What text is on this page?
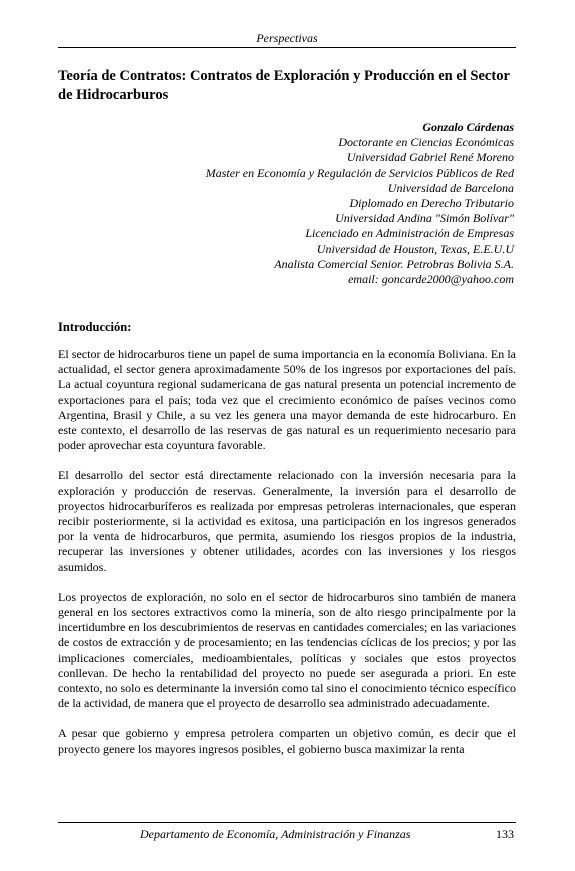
Perspectivas
Teoría de Contratos: Contratos de Exploración y Producción en el Sector de Hidrocarburos
Gonzalo Cárdenas
Doctorante en Ciencias Económicas
Universidad Gabriel René Moreno
Master en Economía y Regulación de Servicios Públicos de Red
Universidad de Barcelona
Diplomado en Derecho Tributario
Universidad Andina "Simón Bolívar"
Licenciado en Administración de Empresas
Universidad de Houston, Texas, E.E.U.U
Analista Comercial Senior. Petrobras Bolivia S.A.
email: goncarde2000@yahoo.com
Introducción:

El sector de hidrocarburos tiene un papel de suma importancia en la economía Boliviana. En la actualidad, el sector genera aproximadamente 50% de los ingresos por exportaciones del país. La actual coyuntura regional sudamericana de gas natural presenta un potencial incremento de exportaciones para el país; toda vez que el crecimiento económico de países vecinos como Argentina, Brasil y Chile, a su vez les genera una mayor demanda de este hidrocarburo. En este contexto, el desarrollo de las reservas de gas natural es un requerimiento necesario para poder aprovechar esta coyuntura favorable.

El desarrollo del sector está directamente relacionado con la inversión necesaria para la exploración y producción de reservas. Generalmente, la inversión para el desarrollo de proyectos hidrocarburíferos es realizada por empresas petroleras internacionales, que esperan recibir posteriormente, si la actividad es exitosa, una participación en los ingresos generados por la venta de hidrocarburos, que permita, asumiendo los riesgos propios de la industria, recuperar las inversiones y obtener utilidades, acordes con las inversiones y los riesgos asumidos.

Los proyectos de exploración, no solo en el sector de hidrocarburos sino también de manera general en los sectores extractivos como la minería, son de alto riesgo principalmente por la incertidumbre en los descubrimientos de reservas en cantidades comerciales; en las variaciones de costos de extracción y de procesamiento; en las tendencias cíclicas de los precios; y por las implicaciones comerciales, medioambientales, políticas y sociales que estos proyectos conllevan. De hecho la rentabilidad del proyecto no puede ser asegurada a priori. En este contexto, no solo es determinante la inversión como tal sino el conocimiento técnico específico de la actividad, de manera que el proyecto de desarrollo sea administrado adecuadamente.

A pesar que gobierno y empresa petrolera comparten un objetivo común, es decir que el proyecto genere los mayores ingresos posibles, el gobierno busca maximizar la renta

Departamento de Economía, Administración y Finanzas	133
